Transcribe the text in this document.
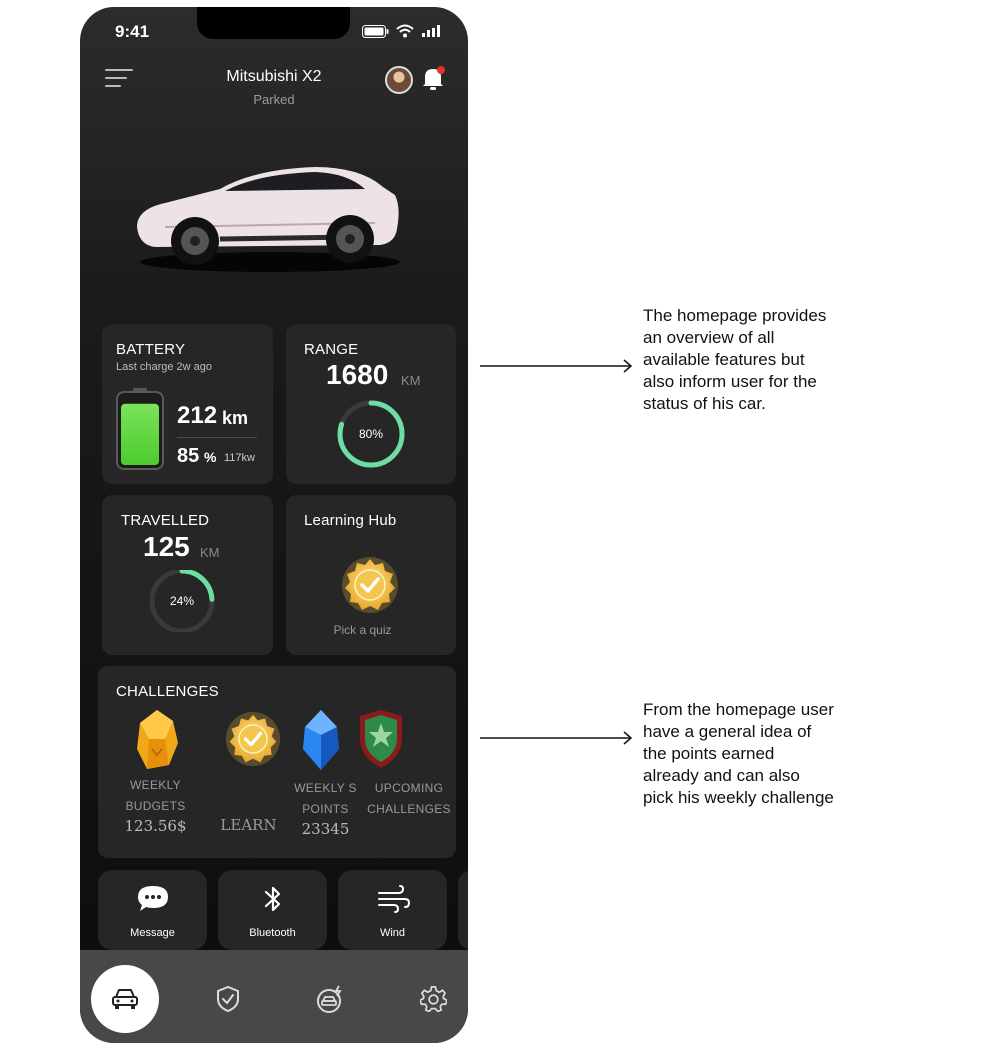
9:41
Mitsubishi X2
Parked
BATTERY
Last charge 2w ago
212 km
85 % 117kw
RANGE
1680 KM
80%
TRAVELLED
125 KM
24%
Learning Hub
Pick a quiz
CHALLENGES
WEEKLY
BUDGETS
123.56$	LEARN
WEEKLY S
POINTS
23345
UPCOMING
CHALLENGES
Message	Bluetooth	Wind
The homepage provides
an overview of all
available features but
also inform user for the
status of his car.
From the homepage user
have a general idea of
the points earned
already and can also
pick his weekly challenge
